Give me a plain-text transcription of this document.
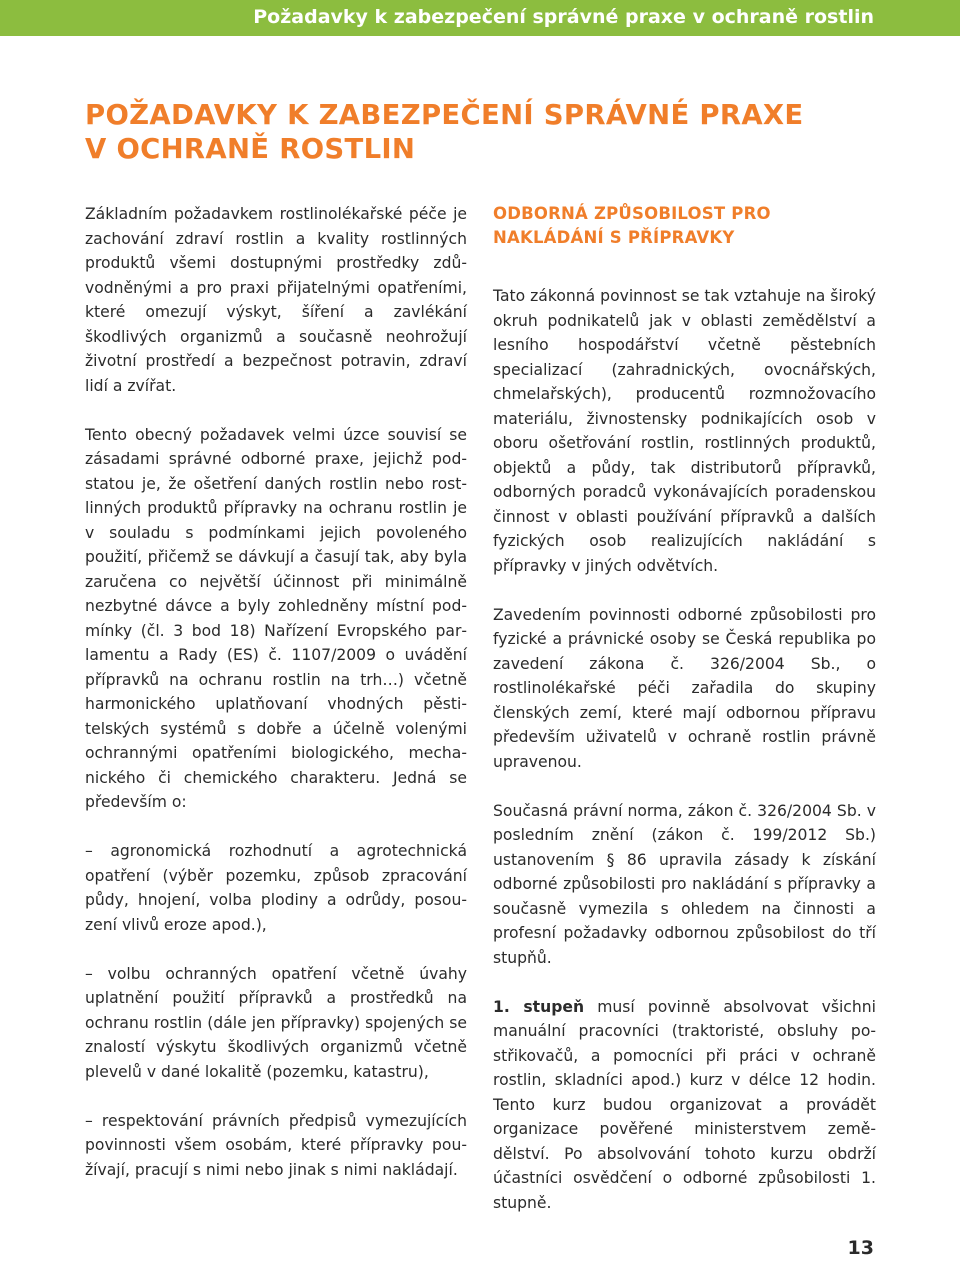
Požadavky k zabezpečení správné praxe v ochraně rostlin
POŽADAVKY K ZABEZPEČENÍ SPRÁVNÉ PRAXE
V OCHRANĚ ROSTLIN

Základním požadavkem rostlinolékařské péče je zachování zdraví rostlin a kvality rostlinných produktů všemi dostupnými prostředky zdůvodněnými a pro praxi přijatelnými opatřeními, které omezují výskyt, šíření a zavlékání škodlivých organizmů a současně neohrožují životní prostředí a bezpečnost potravin, zdraví lidí a zvířat.

Tento obecný požadavek velmi úzce souvisí se zásadami správné odborné praxe, jejichž podstatou je, že ošetření daných rostlin nebo rostlinných produktů přípravky na ochranu rostlin je v souladu s podmínkami jejich povoleného použití, přičemž se dávkují a časují tak, aby byla zaručena co největší účinnost při minimálně nezbytné dávce a byly zohledněny místní podmínky (čl. 3 bod 18) Nařízení Evropského parlamentu a Rady (ES) č. 1107/2009 o uvádění přípravků na ochranu rostlin na trh…) včetně harmonického uplatňovaní vhodných pěstitelských systémů s dobře a účelně volenými ochrannými opatřeními biologického, mechanického či chemického charakteru. Jedná se především o:

– agronomická rozhodnutí a agrotechnická opatření (výběr pozemku, způsob zpracování půdy, hnojení, volba plodiny a odrůdy, posouzení vlivů eroze apod.),

– volbu ochranných opatření včetně úvahy uplatnění použití přípravků a prostředků na ochranu rostlin (dále jen přípravky) spojených se znalostí výskytu škodlivých organizmů včetně plevelů v dané lokalitě (pozemku, katastru),

– respektování právních předpisů vymezujících povinnosti všem osobám, které přípravky používají, pracují s nimi nebo jinak s nimi nakládají.

ODBORNÁ ZPŮSOBILOST PRO
NAKLÁDÁNÍ S PŘÍPRAVKY

Tato zákonná povinnost se tak vztahuje na široký okruh podnikatelů jak v oblasti zemědělství a lesního hospodářství včetně pěstebních specializací (zahradnických, ovocnářských, chmelařských), producentů rozmnožovacího materiálu, živnostensky podnikajících osob v oboru ošetřování rostlin, rostlinných produktů, objektů a půdy, tak distributorů přípravků, odborných poradců vykonávajících poradenskou činnost v oblasti používání přípravků a dalších fyzických osob realizujících nakládání s přípravky v jiných odvětvích.

Zavedením povinnosti odborné způsobilosti pro fyzické a právnické osoby se Česká republika po zavedení zákona č. 326/2004 Sb., o rostlinolékařské péči zařadila do skupiny členských zemí, které mají odbornou přípravu především uživatelů v ochraně rostlin právně upravenou.

Současná právní norma, zákon č. 326/2004 Sb. v posledním znění (zákon č. 199/2012 Sb.) ustanovením § 86 upravila zásady k získání odborné způsobilosti pro nakládání s přípravky a současně vymezila s ohledem na činnosti a profesní požadavky odbornou způsobilost do tří stupňů.

1. stupeň musí povinně absolvovat všichni manuální pracovníci (traktoristé, obsluhy postřikovačů, a pomocníci při práci v ochraně rostlin, skladníci apod.) kurz v délce 12 hodin. Tento kurz budou organizovat a provádět organizace pověřené ministerstvem zemědělství. Po absolvování tohoto kurzu obdrží účastníci osvědčení o odborné způsobilosti 1. stupně.

13
